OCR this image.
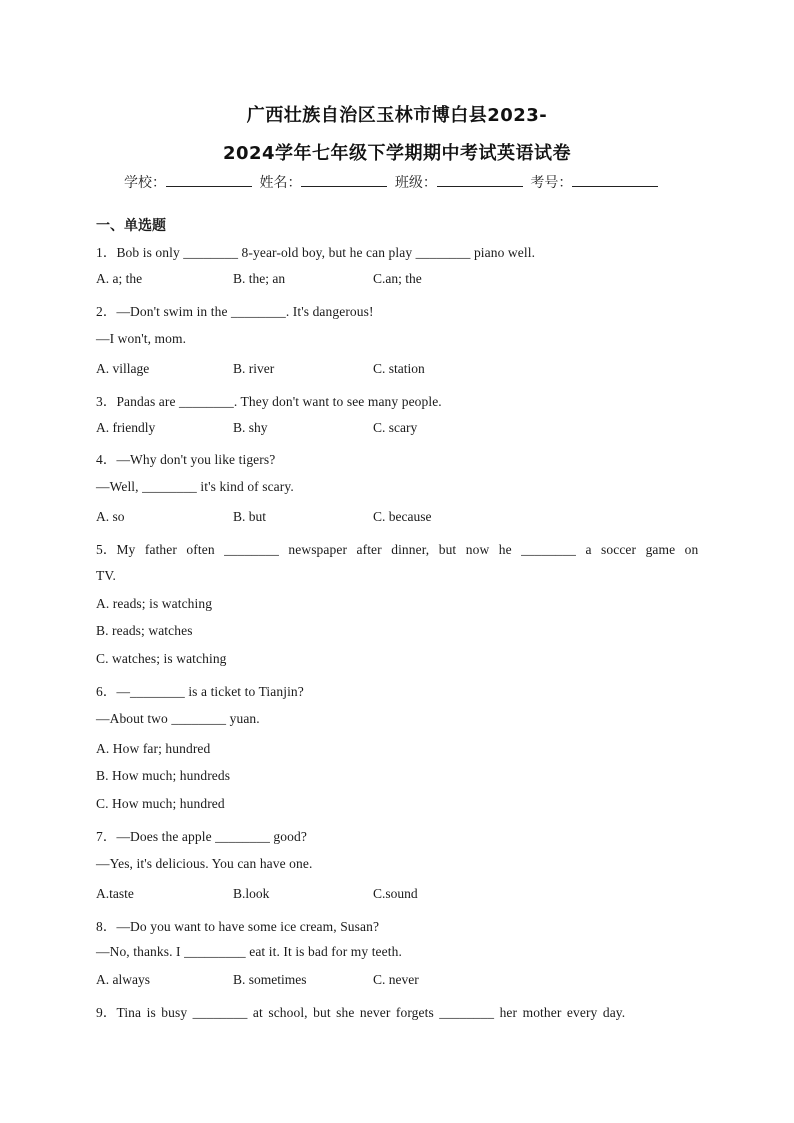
广西壮族自治区玉林市博白县2023-
2024学年七年级下学期期中考试英语试卷
学校：	姓名：	班级：	考号：
一、单选题
1．Bob is only ________ 8-year-old boy, but he can play ________ piano well.
A. a; the	B. the; an	C.an; the
2．—Don't swim in the ________. It's dangerous!
—I won't, mom.
A. village	B. river	C. station
3．Pandas are ________. They don't want to see many people.
A. friendly	B. shy	C. scary
4．—Why don't you like tigers?
—Well, ________ it's kind of scary.
A. so	B. but	C. because
5．My father often ________ newspaper after dinner, but now he ________ a soccer game on
TV.
A. reads; is watching
B. reads; watches
C. watches; is watching
6．—________ is a ticket to Tianjin?
—About two ________ yuan.
A. How far; hundred
B. How much; hundreds
C. How much; hundred
7．—Does the apple ________ good?
—Yes, it's delicious. You can have one.
A.taste	B.look	C.sound
8．—Do you want to have some ice cream, Susan?
—No, thanks. I _________ eat it. It is bad for my teeth.
A. always	B. sometimes	C. never
9．Tina is busy ________ at school, but she never forgets ________ her mother every day.
